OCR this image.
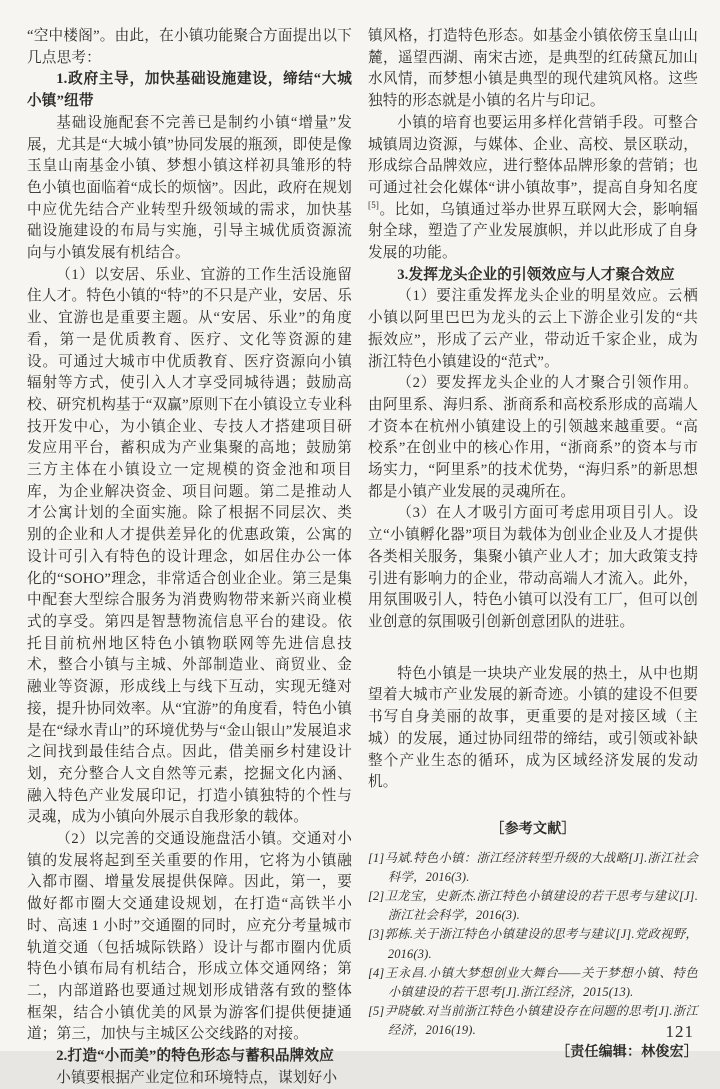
“空中楼阁”。由此，在小镇功能聚合方面提出以下几点思考：

1.政府主导，加快基础设施建设，缔结“大城小镇”纽带

基础设施配套不完善已是制约小镇“增量”发展，尤其是“大城小镇”协同发展的瓶颈，即使是像玉皇山南基金小镇、梦想小镇这样初具雏形的特色小镇也面临着“成长的烦恼”。因此，政府在规划中应优先结合产业转型升级领域的需求，加快基础设施建设的布局与实施，引导主城优质资源流向与小镇发展有机结合。

（1）以安居、乐业、宜游的工作生活设施留住人才。特色小镇的“特”的不只是产业，安居、乐业、宜游也是重要主题。从“安居、乐业”的角度看，第一是优质教育、医疗、文化等资源的建设。可通过大城市中优质教育、医疗资源向小镇辐射等方式，使引入人才享受同城待遇；鼓励高校、研究机构基于“双赢”原则下在小镇设立专业科技开发中心，为小镇企业、专技人才搭建项目研发应用平台，蓄积成为产业集聚的高地；鼓励第三方主体在小镇设立一定规模的资金池和项目库，为企业解决资金、项目问题。第二是推动人才公寓计划的全面实施。除了根据不同层次、类别的企业和人才提供差异化的优惠政策，公寓的设计可引入有特色的设计理念，如居住办公一体化的“SOHO”理念，非常适合创业企业。第三是集中配套大型综合服务为消费购物带来新兴商业模式的享受。第四是智慧物流信息平台的建设。依托目前杭州地区特色小镇物联网等先进信息技术，整合小镇与主城、外部制造业、商贸业、金融业等资源，形成线上与线下互动，实现无缝对接，提升协同效率。从“宜游”的角度看，特色小镇是在“绿水青山”的环境优势与“金山银山”发展追求之间找到最佳结合点。因此，借美丽乡村建设计划，充分整合人文自然等元素，挖掘文化内涵、融入特色产业发展印记，打造小镇独特的个性与灵魂，成为小镇向外展示自我形象的载体。

（2）以完善的交通设施盘活小镇。交通对小镇的发展将起到至关重要的作用，它将为小镇融入都市圈、增量发展提供保障。因此，第一，要做好都市圈大交通建设规划，在打造“高铁半小时、高速 1 小时”交通圈的同时，应充分考量城市轨道交通（包括城际铁路）设计与都市圈内优质特色小镇布局有机结合，形成立体交通网络；第二，内部道路也要通过规划形成错落有致的整体框架，结合小镇优美的风景为游客们提供便捷通道；第三，加快与主城区公交线路的对接。

2.打造“小而美”的特色形态与蓄积品牌效应

小镇要根据产业定位和环境特点，谋划好小

镇风格，打造特色形态。如基金小镇依傍玉皇山山麓，遥望西湖、南宋古迹，是典型的红砖黛瓦加山水风情，而梦想小镇是典型的现代建筑风格。这些独特的形态就是小镇的名片与印记。

小镇的培育也要运用多样化营销手段。可整合城镇周边资源，与媒体、企业、高校、景区联动，形成综合品牌效应，进行整体品牌形象的营销；也可通过社会化媒体“讲小镇故事”，提高自身知名度[5]。比如，乌镇通过举办世界互联网大会，影响辐射全球，塑造了产业发展旗帜，并以此形成了自身发展的功能。

3.发挥龙头企业的引领效应与人才聚合效应

（1）要注重发挥龙头企业的明星效应。云栖小镇以阿里巴巴为龙头的云上下游企业引发的“共振效应”，形成了云产业，带动近千家企业，成为浙江特色小镇建设的“范式”。

（2）要发挥龙头企业的人才聚合引领作用。由阿里系、海归系、浙商系和高校系形成的高端人才资本在杭州小镇建设上的引领越来越重要。“高校系”在创业中的核心作用，“浙商系”的资本与市场实力，“阿里系”的技术优势，“海归系”的新思想都是小镇产业发展的灵魂所在。

（3）在人才吸引方面可考虑用项目引人。设立“小镇孵化器”项目为载体为创业企业及人才提供各类相关服务，集聚小镇产业人才；加大政策支持引进有影响力的企业，带动高端人才流入。此外，用氛围吸引人，特色小镇可以没有工厂，但可以创业创意的氛围吸引创新创意团队的进驻。

特色小镇是一块块产业发展的热土，从中也期望着大城市产业发展的新奇迹。小镇的建设不但要书写自身美丽的故事，更重要的是对接区域（主城）的发展，通过协同纽带的缔结，或引领或补缺整个产业生态的循环，成为区域经济发展的发动机。

［参考文献］

[1]马斌.特色小镇：浙江经济转型升级的大战略[J].浙江社会科学，2016(3).

[2]卫龙宝，史新杰.浙江特色小镇建设的若干思考与建议[J].浙江社会科学，2016(3).

[3]郭栋.关于浙江特色小镇建设的思考与建议[J].党政视野，2016(3).

[4]王永昌.小镇大梦想创业大舞台——关于梦想小镇、特色小镇建设的若干思考[J].浙江经济，2015(13).

[5]尹晓敏.对当前浙江特色小镇建设存在问题的思考[J].浙江经济，2016(19).

［责任编辑：林俊宏］
121
